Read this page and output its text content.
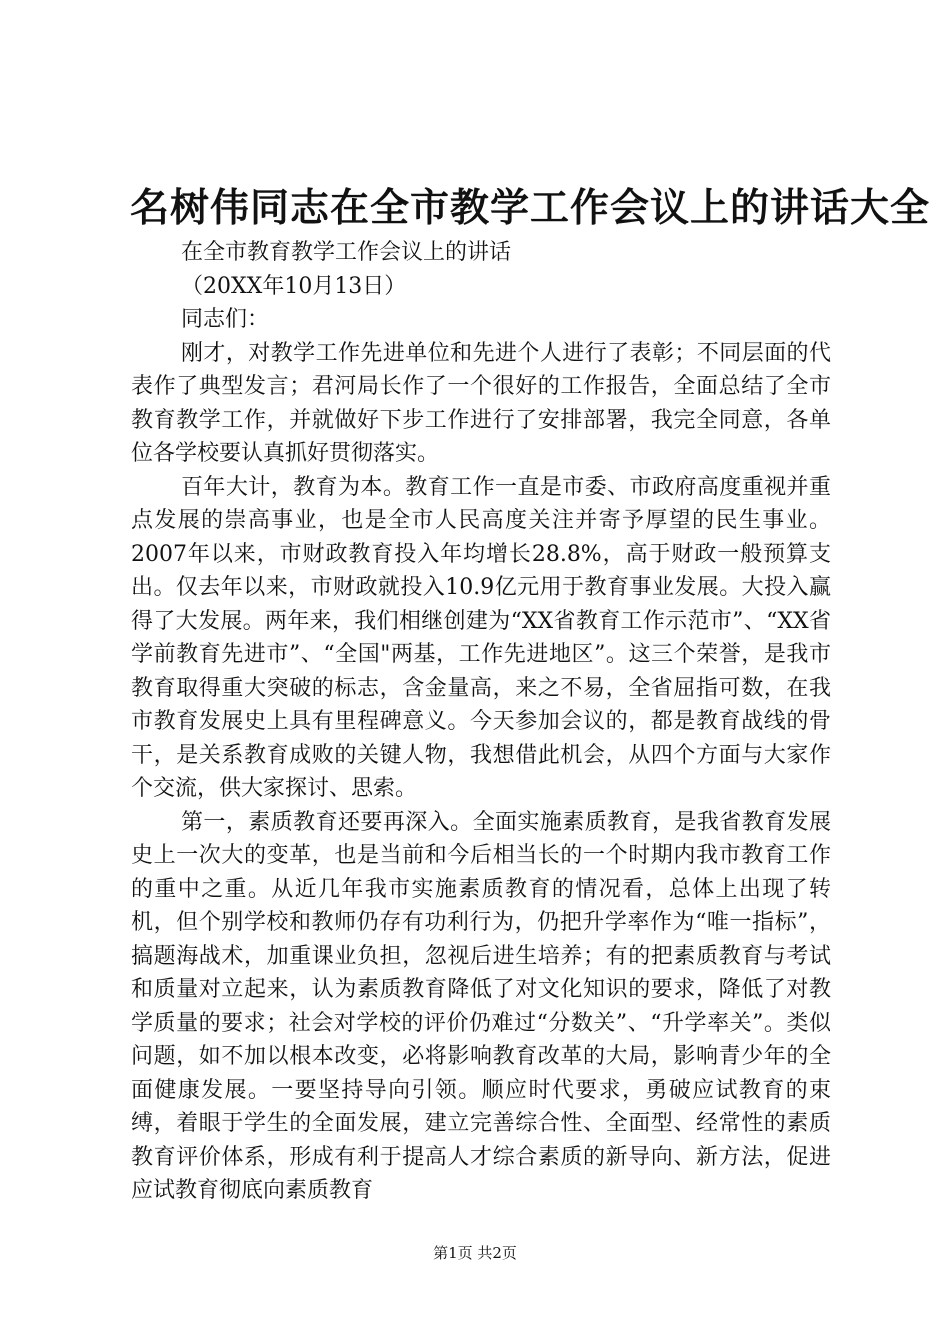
名树伟同志在全市教学工作会议上的讲话大全

在全市教育教学工作会议上的讲话

（20XX年10月13日）

同志们：

刚才，对教学工作先进单位和先进个人进行了表彰；不同层面的代表作了典型发言；君河局长作了一个很好的工作报告，全面总结了全市教育教学工作，并就做好下步工作进行了安排部署，我完全同意，各单位各学校要认真抓好贯彻落实。

百年大计，教育为本。教育工作一直是市委、市政府高度重视并重点发展的崇高事业，也是全市人民高度关注并寄予厚望的民生事业。2007年以来，市财政教育投入年均增长28.8%，高于财政一般预算支出。仅去年以来，市财政就投入10.9亿元用于教育事业发展。大投入赢得了大发展。两年来，我们相继创建为“XX省教育工作示范市”、“XX省学前教育先进市”、“全国"两基，工作先进地区”。这三个荣誉，是我市教育取得重大突破的标志，含金量高，来之不易，全省屈指可数，在我市教育发展史上具有里程碑意义。今天参加会议的，都是教育战线的骨干，是关系教育成败的关键人物，我想借此机会，从四个方面与大家作个交流，供大家探讨、思索。

第一，素质教育还要再深入。全面实施素质教育，是我省教育发展史上一次大的变革，也是当前和今后相当长的一个时期内我市教育工作的重中之重。从近几年我市实施素质教育的情况看，总体上出现了转机，但个别学校和教师仍存有功利行为，仍把升学率作为“唯一指标”，搞题海战术，加重课业负担，忽视后进生培养；有的把素质教育与考试和质量对立起来，认为素质教育降低了对文化知识的要求，降低了对教学质量的要求；社会对学校的评价仍难过“分数关”、“升学率关”。类似问题，如不加以根本改变，必将影响教育改革的大局，影响青少年的全面健康发展。一要坚持导向引领。顺应时代要求，勇破应试教育的束缚，着眼于学生的全面发展，建立完善综合性、全面型、经常性的素质教育评价体系，形成有利于提高人才综合素质的新导向、新方法，促进应试教育彻底向素质教育

第1页 共2页
